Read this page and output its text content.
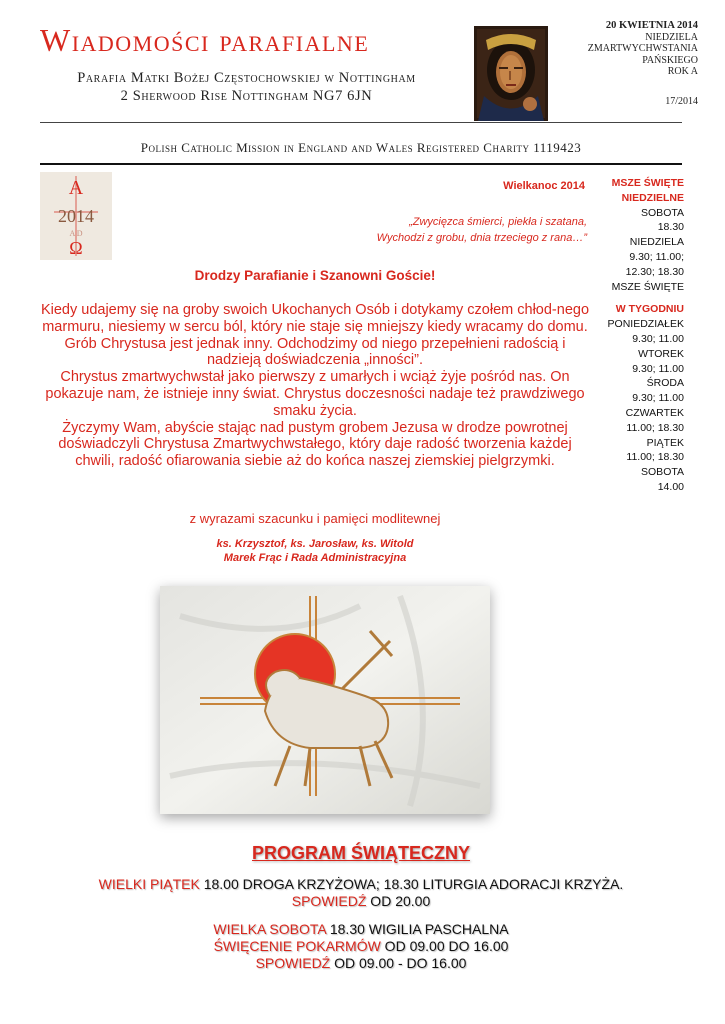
Wiadomości parafialne
Parafia Matki Bożej Częstochowskiej w Nottingham
2 Sherwood Rise Nottingham NG7 6JN
20 KWIETNIA 2014
NIEDZIELA
ZMARTWYCHWSTANIA
PAŃSKIEGO
ROK A
17/2014
Polish Catholic Mission in England and Wales Registered Charity 1119423
A
2014
A D
Ω
Wielkanoc 2014
„Zwycięzca śmierci, piekła i szatana,
Wychodzi z grobu, dnia trzeciego z rana…”
Drodzy Parafianie i Szanowni Goście!

Kiedy udajemy się na groby swoich Ukochanych Osób i dotykamy czołem chłod-nego marmuru, niesiemy w sercu ból, który nie staje się mniejszy kiedy wracamy do domu.

Grób Chrystusa jest jednak inny. Odchodzimy od niego przepełnieni radością i nadzieją doświadczenia „inności”.

Chrystus zmartwychwstał jako pierwszy z umarłych i wciąż żyje pośród nas. On pokazuje nam, że istnieje inny świat. Chrystus doczesności nadaje też prawdziwego smaku życia.

Życzymy Wam, abyście stając nad pustym grobem Jezusa w drodze powrotnej doświadczyli Chrystusa Zmartwychwstałego, który daje radość tworzenia każdej chwili, radość ofiarowania siebie aż do końca naszej ziemskiej pielgrzymki.

z wyrazami szacunku i pamięci modlitewnej
ks. Krzysztof, ks. Jarosław, ks. Witold
Marek Frąc i Rada Administracyjna
MSZE ŚWIĘTE
NIEDZIELNE
SOBOTA
18.30
NIEDZIELA
9.30; 11.00;
12.30; 18.30
MSZE ŚWIĘTE
W TYGODNIU
PONIEDZIAŁEK
9.30; 11.00
WTOREK
9.30; 11.00
ŚRODA
9.30; 11.00
CZWARTEK
11.00; 18.30
PIĄTEK
11.00; 18.30
SOBOTA
14.00
PROGRAM ŚWIĄTECZNY
WIELKI PIĄTEK 18.00 DROGA KRZYŻOWA; 18.30 LITURGIA ADORACJI KRZYŻA.
SPOWIEDŹ OD 20.00
WIELKA SOBOTA 18.30 WIGILIA PASCHALNA
ŚWIĘCENIE POKARMÓW OD 09.00 DO 16.00
SPOWIEDŹ OD 09.00 - DO 16.00
